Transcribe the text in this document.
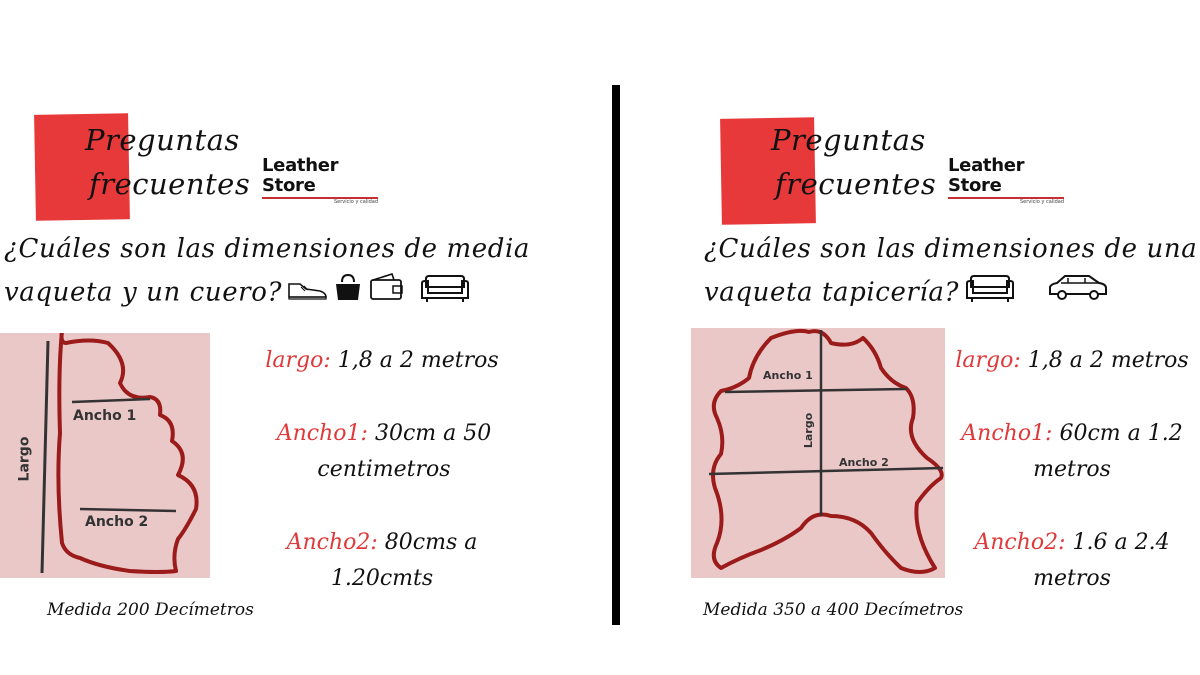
Preguntas
frecuentes
Leather Store
Servicio y calidad
¿Cuáles son las dimensiones de media
vaqueta y un cuero?
Largo
Ancho 1
Ancho 2
largo: 1,8 a 2 metros
Ancho1: 30cm a 50
centimetros
Ancho2: 80cms a
1.20cmts
Medida 200 Decímetros
Preguntas
frecuentes
Leather Store
Servicio y calidad
¿Cuáles son las dimensiones de una
vaqueta tapicería?
Largo
Ancho 1
Ancho 2
largo: 1,8 a 2 metros
Ancho1: 60cm a 1.2
metros
Ancho2: 1.6 a 2.4
metros
Medida 350 a 400 Decímetros
